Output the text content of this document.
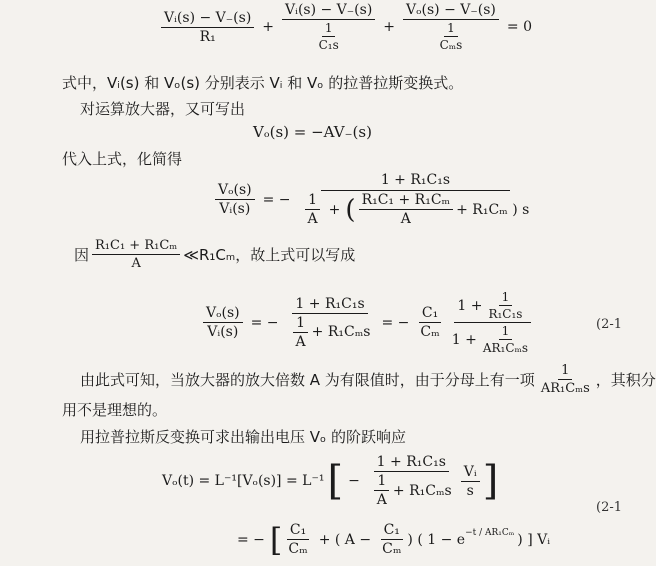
$\frac{\text{Vᵢ(s) − V₋(s)}}{\text{R₁}} + \frac{\text{Vᵢ(s) − V₋(s)}}{\frac{1}{\text{C₁s}}} + \frac{\text{Vₒ(s) − V₋(s)}}{\frac{1}{\text{Cₘs}}} = 0$
式中，Vᵢ(s) 和 Vₒ(s) 分别表示 Vᵢ 和 Vₒ 的拉普拉斯变换式。
对运算放大器，又可写出
Vₒ(s) = −AV₋(s)
代入上式，化简得
$\frac{\text{Vₒ(s)}}{\text{Vᵢ(s)}}$ = −
1 + R₁C₁s
$\frac{1}{A}$ + ( $\frac{\text{R₁C₁ + R₁Cₘ}}{A} + R_1C_m$ ) s
因 $\frac{\text{R₁C₁ + R₁Cₘ}}{A}$ ≪R₁Cₘ，故上式可以写成
$\frac{\text{Vₒ(s)}}{\text{Vᵢ(s)}}$ = − $\frac{\text{1 + R₁C₁s}}{\frac{1}{A} + R_1C_ms}$ = − $\frac{\text{C₁}}{\text{Cₘ}} \frac{1 + \frac{1}{\text{R₁C₁s}}}{1 + \frac{1}{\text{AR₁Cₘs}}}$	(2-1
由此式可知，当放大器的放大倍数 A 为有限值时，由于分母上有一项 $\frac{1}{\text{AR₁Cₘs}}$ ，其积分
用不是理想的。
用拉普拉斯反变换可求出输出电压 Vₒ 的阶跃响应
Vₒ(t) = L⁻¹[Vₒ(s)] = L⁻¹ [ − $\frac{\text{1 + R₁C₁s}}{\frac{1}{A} + R_1C_ms} \frac{\text{Vᵢ}}{s}$ ]
(2-1
= − [ $\frac{\text{C₁}}{\text{Cₘ}}$ + ( $A - \frac{\text{C₁}}{\text{Cₘ}}$ ) ( $1 - e^{-t / AR_1C_m}$ ) ] Vᵢ
